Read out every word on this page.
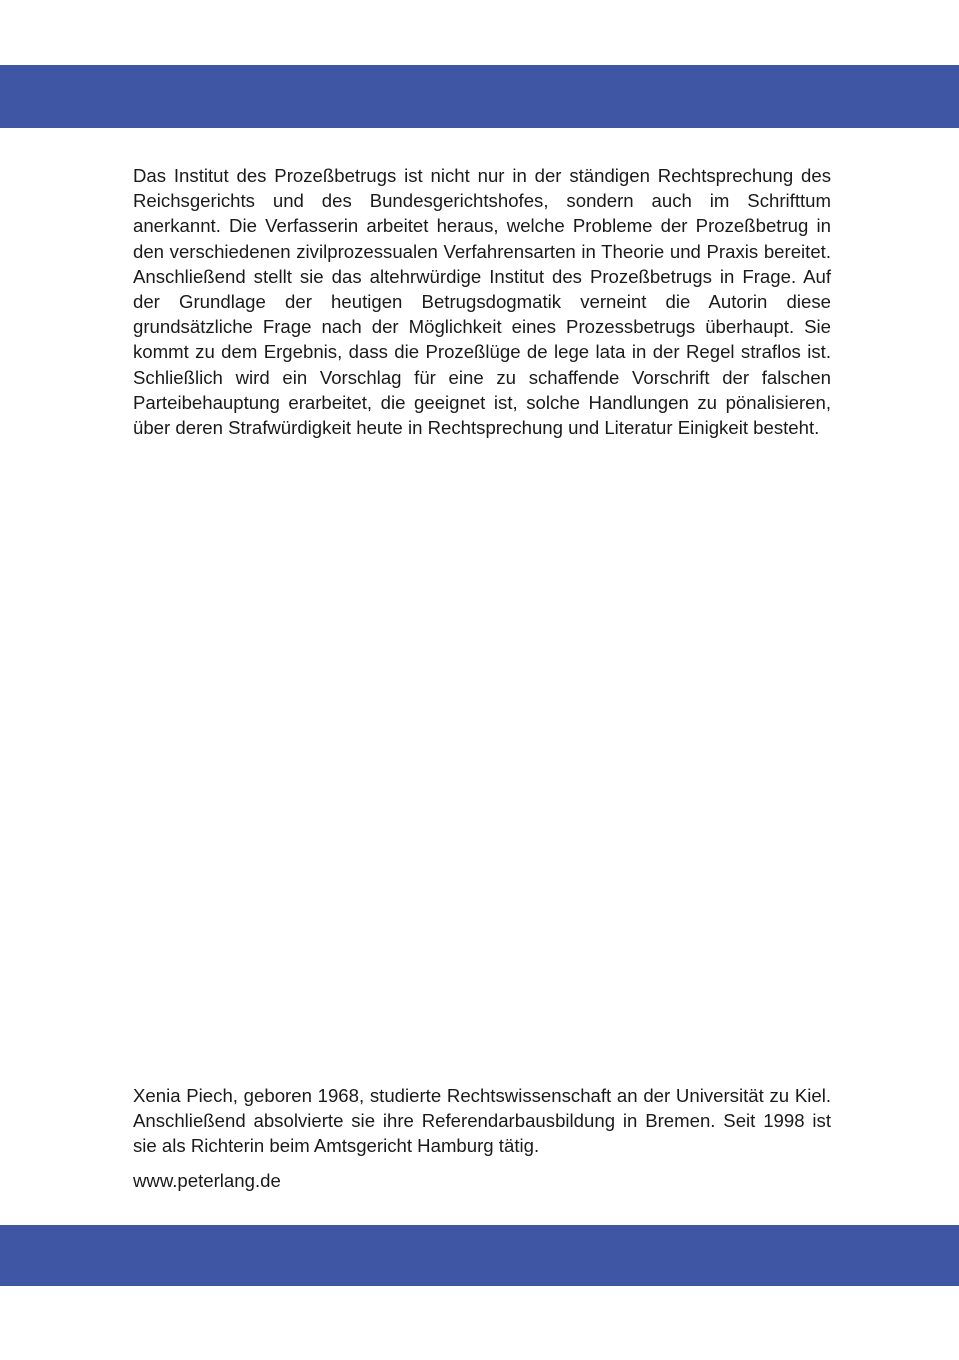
Das Institut des Prozeßbetrugs ist nicht nur in der ständigen Rechtsprechung des Reichsgerichts und des Bundesgerichtshofes, sondern auch im Schrifttum anerkannt. Die Verfasserin arbeitet heraus, welche Probleme der Prozeßbetrug in den verschiedenen zivilprozessualen Verfahrensarten in Theorie und Praxis bereitet. Anschließend stellt sie das altehrwürdige Institut des Prozeßbetrugs in Frage. Auf der Grundlage der heutigen Betrugsdogmatik verneint die Autorin diese grundsätzliche Frage nach der Möglichkeit eines Prozessbetrugs überhaupt. Sie kommt zu dem Ergebnis, dass die Prozeßlüge de lege lata in der Regel straflos ist. Schließlich wird ein Vorschlag für eine zu schaffende Vorschrift der falschen Parteibehauptung erarbeitet, die geeignet ist, solche Handlungen zu pönalisieren, über deren Strafwürdigkeit heute in Rechtsprechung und Literatur Einigkeit besteht.

Xenia Piech, geboren 1968, studierte Rechtswissenschaft an der Universität zu Kiel. Anschließend absolvierte sie ihre Referendarbausbildung in Bremen. Seit 1998 ist sie als Richterin beim Amtsgericht Hamburg tätig.

www.peterlang.de
